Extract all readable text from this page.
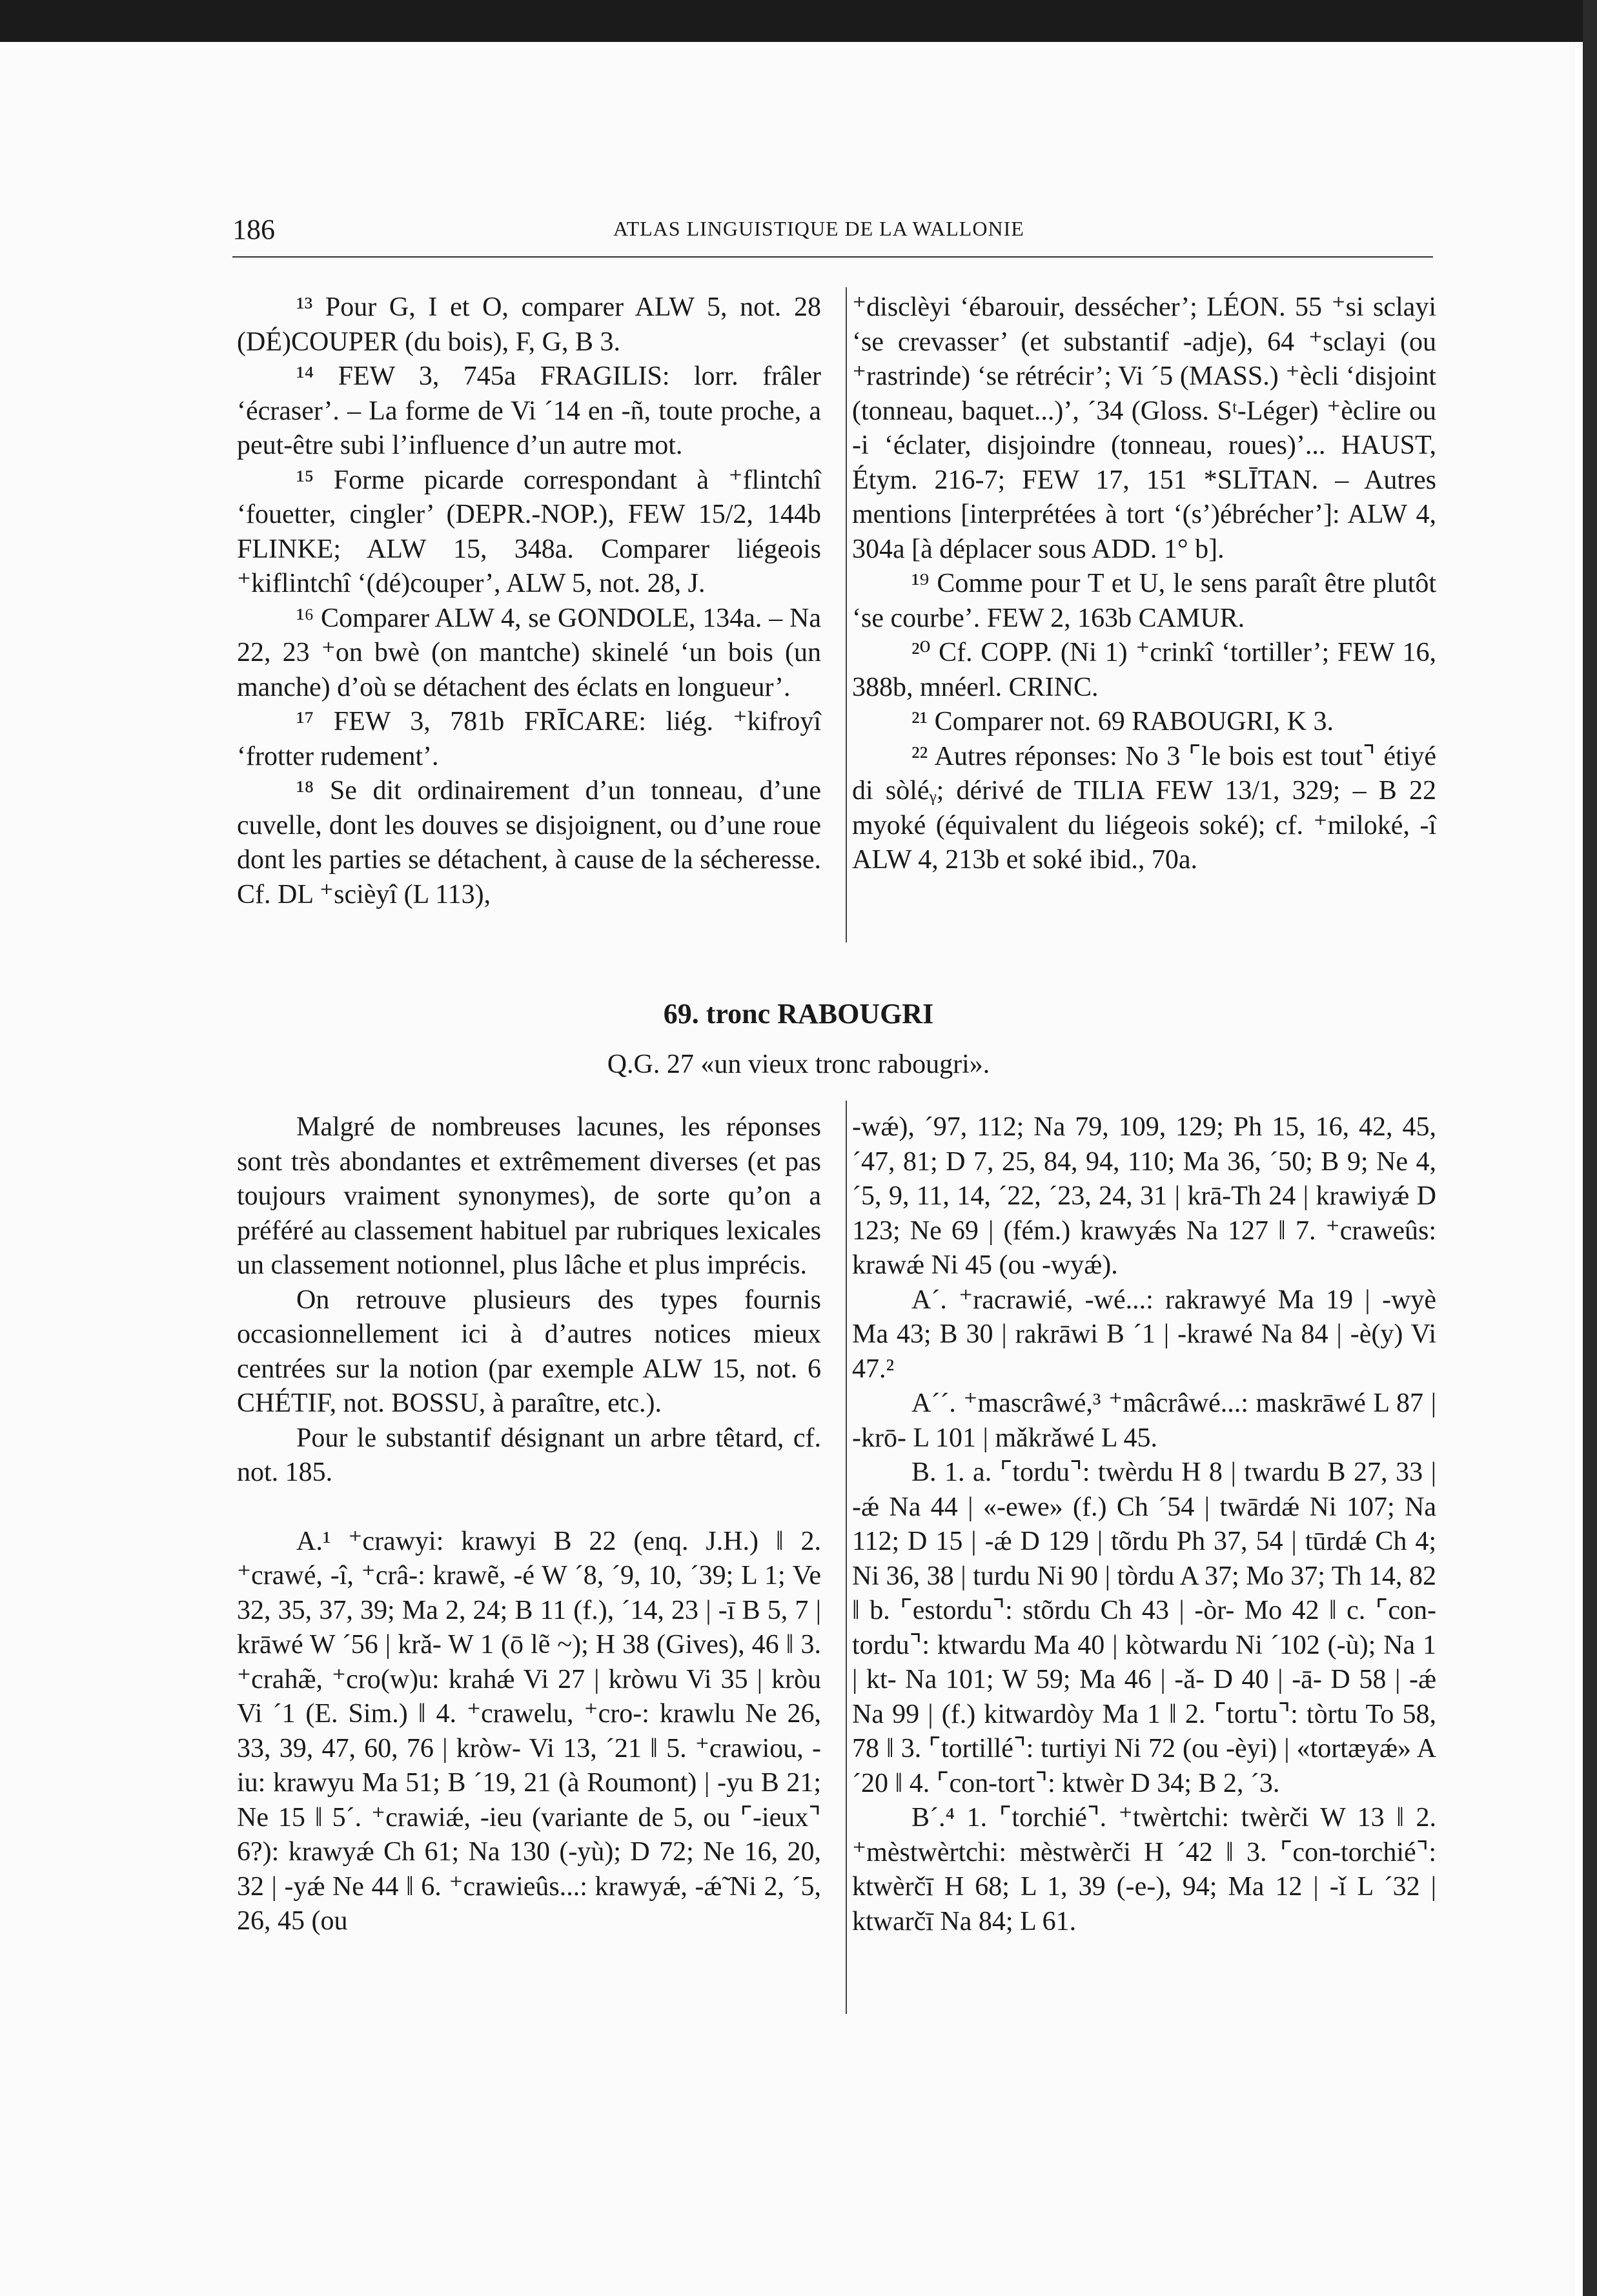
186	ATLAS LINGUISTIQUE DE LA WALLONIE

¹³ Pour G, I et O, comparer ALW 5, not. 28 (DÉ)COUPER (du bois), F, G, B 3.

¹⁴ FEW 3, 745a FRAGILIS: lorr. frâler ‘écraser’. – La forme de Vi ´14 en -ñ, toute proche, a peut-être subi l’influence d’un autre mot.

¹⁵ Forme picarde correspondant à ⁺flintchî ‘fouetter, cingler’ (DEPR.-NOP.), FEW 15/2, 144b FLINKE; ALW 15, 348a. Comparer liégeois ⁺kiflintchî ‘(dé)couper’, ALW 5, not. 28, J.

¹⁶ Comparer ALW 4, se GONDOLE, 134a. – Na 22, 23 ⁺on bwè (on mantche) skinelé ‘un bois (un manche) d’où se détachent des éclats en longueur’.

¹⁷ FEW 3, 781b FRĪCARE: liég. ⁺kifroyî ‘frotter rudement’.

¹⁸ Se dit ordinairement d’un tonneau, d’une cuvelle, dont les douves se disjoignent, ou d’une roue dont les parties se détachent, à cause de la sécheresse. Cf. DL ⁺scièyî (L 113),

⁺disclèyi ‘ébarouir, dessécher’; LÉON. 55 ⁺si sclayi ‘se crevasser’ (et substantif -adje), 64 ⁺sclayi (ou ⁺rastrinde) ‘se rétrécir’; Vi ´5 (MASS.) ⁺ècli ‘disjoint (tonneau, baquet...)’, ´34 (Gloss. Sᵗ-Léger) ⁺èclire ou -i ‘éclater, disjoindre (tonneau, roues)’... HAUST, Étym. 216-7; FEW 17, 151 *SLĪTAN. – Autres mentions [interprétées à tort ‘(s’)ébrécher’]: ALW 4, 304a [à déplacer sous ADD. 1° b].

¹⁹ Comme pour T et U, le sens paraît être plutôt ‘se courbe’. FEW 2, 163b CAMUR.

²⁰ Cf. COPP. (Ni 1) ⁺crinkî ‘tortiller’; FEW 16, 388b, mnéerl. CRINC.

²¹ Comparer not. 69 RABOUGRI, K 3.

²² Autres réponses: No 3 ⌜le bois est tout⌝ étiyé di sòléᵧ; dérivé de TILIA FEW 13/1, 329; – B 22 myoké (équivalent du liégeois soké); cf. ⁺miloké, -î ALW 4, 213b et soké ibid., 70a.

69. tronc RABOUGRI
Q.G. 27 «un vieux tronc rabougri».

Malgré de nombreuses lacunes, les réponses sont très abondantes et extrêmement diverses (et pas toujours vraiment synonymes), de sorte qu’on a préféré au classement habituel par rubriques lexicales un classement notionnel, plus lâche et plus imprécis.

On retrouve plusieurs des types fournis occasionnellement ici à d’autres notices mieux centrées sur la notion (par exemple ALW 15, not. 6 CHÉTIF, not. BOSSU, à paraître, etc.).

Pour le substantif désignant un arbre têtard, cf. not. 185.

A.¹ ⁺crawyi: krawyi B 22 (enq. J.H.) ‖ 2. ⁺crawé, -î, ⁺crâ-: krawẽ, -é W ´8, ´9, 10, ´39; L 1; Ve 32, 35, 37, 39; Ma 2, 24; B 11 (f.), ´14, 23 | -ī B 5, 7 | krāwé W ´56 | krǎ- W 1 (ō lẽ ~); H 38 (Gives), 46 ‖ 3. ⁺crahæ̃, ⁺cro(w)u: krahǽ Vi 27 | kròwu Vi 35 | kròu Vi ´1 (E. Sim.) ‖ 4. ⁺crawelu, ⁺cro-: krawlu Ne 26, 33, 39, 47, 60, 76 | kròw- Vi 13, ´21 ‖ 5. ⁺crawiou, -iu: krawyu Ma 51; B ´19, 21 (à Roumont) | -yu B 21; Ne 15 ‖ 5´. ⁺crawiǽ, -ieu (variante de 5, ou ⌜-ieux⌝ 6?): krawyǽ Ch 61; Na 130 (-yù); D 72; Ne 16, 20, 32 | -yǽ Ne 44 ‖ 6. ⁺crawieûs...: krawyǽ, -ǽ̃ Ni 2, ´5, 26, 45 (ou

-wǽ), ´97, 112; Na 79, 109, 129; Ph 15, 16, 42, 45, ´47, 81; D 7, 25, 84, 94, 110; Ma 36, ´50; B 9; Ne 4, ´5, 9, 11, 14, ´22, ´23, 24, 31 | krā-Th 24 | krawiyǽ D 123; Ne 69 | (fém.) krawyǽs Na 127 ‖ 7. ⁺craweûs: krawǽ Ni 45 (ou -wyǽ).

A´. ⁺racrawié, -wé...: rakrawyé Ma 19 | -wyè Ma 43; B 30 | rakrāwi B ´1 | -krawé Na 84 | -è(y) Vi 47.²

A´´. ⁺mascrâwé,³ ⁺mâcrâwé...: maskrāwé L 87 | -krō- L 101 | mǎkrǎwé L 45.

B. 1. a. ⌜tordu⌝: twèrdu H 8 | twardu B 27, 33 | -ǽ Na 44 | «-ewe» (f.) Ch ´54 | twārdǽ Ni 107; Na 112; D 15 | -ǽ D 129 | tõrdu Ph 37, 54 | tūrdǽ Ch 4; Ni 36, 38 | turdu Ni 90 | tòrdu A 37; Mo 37; Th 14, 82 ‖ b. ⌜estordu⌝: stõrdu Ch 43 | -òr- Mo 42 ‖ c. ⌜con-tordu⌝: ktwardu Ma 40 | kòtwardu Ni ´102 (-ù); Na 1 | kt- Na 101; W 59; Ma 46 | -ǎ- D 40 | -ā- D 58 | -ǽ Na 99 | (f.) kitwardòy Ma 1 ‖ 2. ⌜tortu⌝: tòrtu To 58, 78 ‖ 3. ⌜tortillé⌝: turtiyi Ni 72 (ou -èyi) | «tortæyǽ» A ´20 ‖ 4. ⌜con-tort⌝: ktwèr D 34; B 2, ´3.

B´.⁴ 1. ⌜torchié⌝. ⁺twèrtchi: twèrči W 13 ‖ 2. ⁺mèstwèrtchi: mèstwèrči H ´42 ‖ 3. ⌜con-torchié⌝: ktwèrčī H 68; L 1, 39 (-e-), 94; Ma 12 | -ǐ L ´32 | ktwarčī Na 84; L 61.
